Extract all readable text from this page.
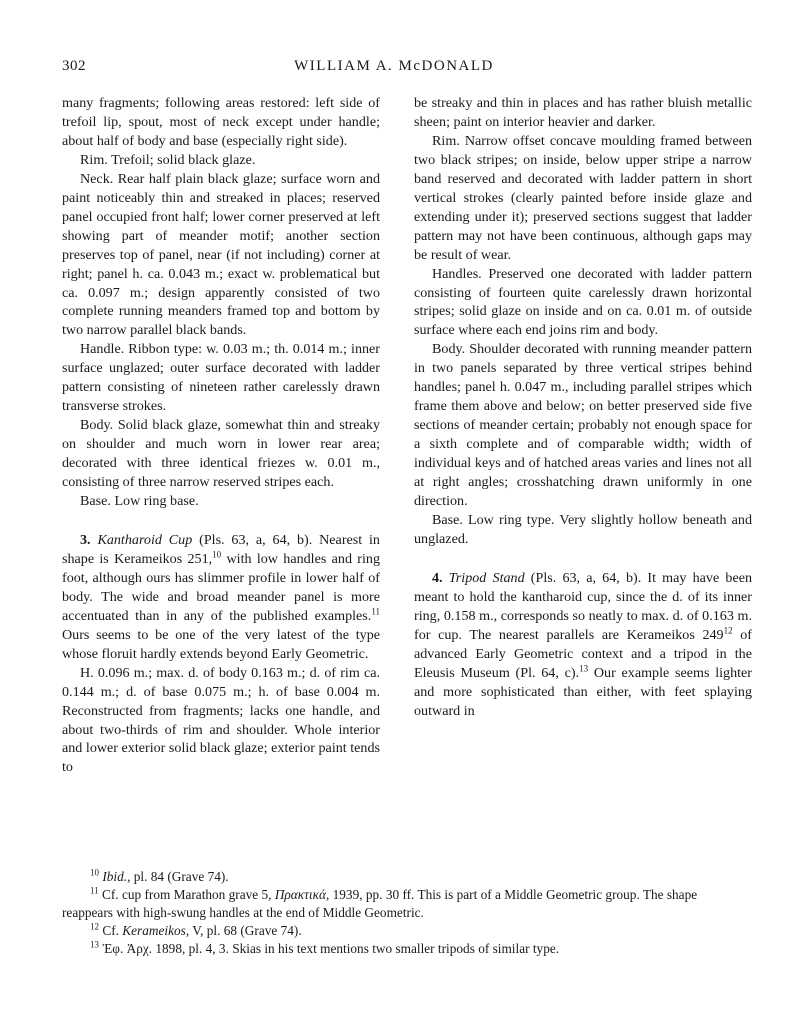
302	WILLIAM A. McDONALD

many fragments; following areas restored: left side of trefoil lip, spout, most of neck except under handle; about half of body and base (especially right side).

Rim. Trefoil; solid black glaze.

Neck. Rear half plain black glaze; surface worn and paint noticeably thin and streaked in places; reserved panel occupied front half; lower corner preserved at left showing part of meander motif; another section preserves top of panel, near (if not including) corner at right; panel h. ca. 0.043 m.; exact w. problematical but ca. 0.097 m.; design apparently consisted of two complete running meanders framed top and bottom by two narrow parallel black bands.

Handle. Ribbon type: w. 0.03 m.; th. 0.014 m.; inner surface unglazed; outer surface decorated with ladder pattern consisting of nineteen rather carelessly drawn transverse strokes.

Body. Solid black glaze, somewhat thin and streaky on shoulder and much worn in lower rear area; decorated with three identical friezes w. 0.01 m., consisting of three narrow reserved stripes each.

Base. Low ring base.

3. Kantharoid Cup (Pls. 63, a, 64, b). Nearest in shape is Kerameikos 251,10 with low handles and ring foot, although ours has slimmer profile in lower half of body. The wide and broad meander panel is more accentuated than in any of the published examples.$^{11}$ Ours seems to be one of the very latest of the type whose floruit hardly extends beyond Early Geometric.

H. 0.096 m.; max. d. of body 0.163 m.; d. of rim ca. 0.144 m.; d. of base 0.075 m.; h. of base 0.004 m. Reconstructed from fragments; lacks one handle, and about two-thirds of rim and shoulder. Whole interior and lower exterior solid black glaze; exterior paint tends to

be streaky and thin in places and has rather bluish metallic sheen; paint on interior heavier and darker.

Rim. Narrow offset concave moulding framed between two black stripes; on inside, below upper stripe a narrow band reserved and decorated with ladder pattern in short vertical strokes (clearly painted before inside glaze and extending under it); preserved sections suggest that ladder pattern may not have been continuous, although gaps may be result of wear.

Handles. Preserved one decorated with ladder pattern consisting of fourteen quite carelessly drawn horizontal stripes; solid glaze on inside and on ca. 0.01 m. of outside surface where each end joins rim and body.

Body. Shoulder decorated with running meander pattern in two panels separated by three vertical stripes behind handles; panel h. 0.047 m., including parallel stripes which frame them above and below; on better preserved side five sections of meander certain; probably not enough space for a sixth complete and of comparable width; width of individual keys and of hatched areas varies and lines not all at right angles; crosshatching drawn uniformly in one direction.

Base. Low ring type. Very slightly hollow beneath and unglazed.

4. Tripod Stand (Pls. 63, a, 64, b). It may have been meant to hold the kantharoid cup, since the d. of its inner ring, 0.158 m., corresponds so neatly to max. d. of 0.163 m. for cup. The nearest parallels are Kerameikos $249^{12}$ of advanced Early Geometric context and a tripod in the Eleusis Museum (Pl. 64, c).$^{13}$ Our example seems lighter and more sophisticated than either, with feet splaying outward in

$^{10}$ Ibid., pl. 84 (Grave 74).

$^{11}$ Cf. cup from Marathon grave 5, Πρακτικά, 1939, pp. 30 ff. This is part of a Middle Geometric group. The shape reappears with high-swung handles at the end of Middle Geometric.

$^{12}$ Cf. Kerameikos, V, pl. 68 (Grave 74).

$^{13}$ Ἐφ. Ἀρχ. 1898, pl. 4, 3. Skias in his text mentions two smaller tripods of similar type.
